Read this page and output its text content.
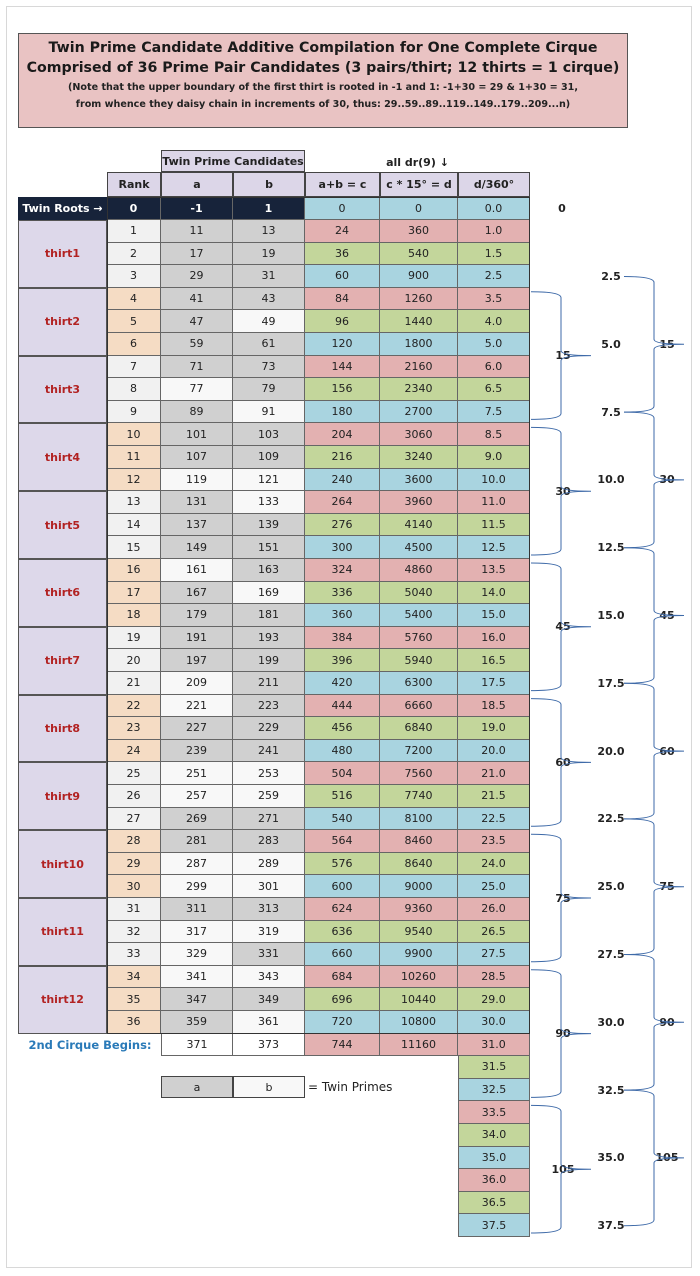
Twin Prime Candidate Additive Compilation for One Complete Cirque
Comprised of 36 Prime Pair Candidates (3 pairs/thirt; 12 thirts = 1 cirque)
(Note that the upper boundary of the first thirt is rooted in -1 and 1: -1+30 = 29 & 1+30 = 31,
from whence they daisy chain in increments of 30, thus: 29..59..89..119..149..179..209...n)
Twin Prime Candidates	all dr(9) ↓
Rank	a	b	a+b = c	c * 15° = d	d/360°
Twin Roots →	0	-1	1	0	0	0.0	0
1	11	13	24	360	1.0
2	17	19	36	540	1.5
3	29	31	60	900	2.5
4	41	43	84	1260	3.5
5	47	49	96	1440	4.0
6	59	61	120	1800	5.0
7	71	73	144	2160	6.0
8	77	79	156	2340	6.5
9	89	91	180	2700	7.5
10	101	103	204	3060	8.5
11	107	109	216	3240	9.0
12	119	121	240	3600	10.0
13	131	133	264	3960	11.0
14	137	139	276	4140	11.5
15	149	151	300	4500	12.5
16	161	163	324	4860	13.5
17	167	169	336	5040	14.0
18	179	181	360	5400	15.0
19	191	193	384	5760	16.0
20	197	199	396	5940	16.5
21	209	211	420	6300	17.5
22	221	223	444	6660	18.5
23	227	229	456	6840	19.0
24	239	241	480	7200	20.0
25	251	253	504	7560	21.0
26	257	259	516	7740	21.5
27	269	271	540	8100	22.5
28	281	283	564	8460	23.5
29	287	289	576	8640	24.0
30	299	301	600	9000	25.0
31	311	313	624	9360	26.0
32	317	319	636	9540	26.5
33	329	331	660	9900	27.5
34	341	343	684	10260	28.5
35	347	349	696	10440	29.0
36	359	361	720	10800	30.0
thirt1
thirt2
thirt3
thirt4
thirt5
thirt6
thirt7
thirt8
thirt9
thirt10
thirt11
thirt12
2nd Cirque Begins:	371	373	744	11160	31.0
31.5
32.5
33.5
34.0
35.0
36.0
36.5
37.5
a	b	= Twin Primes
15
30
45
60
75
90
105
2.5
5.0
7.5
10.0
12.5
15.0
17.5
20.0
22.5
25.0
27.5
30.0
32.5
35.0
37.5
15
30
45
60
75
90
105
